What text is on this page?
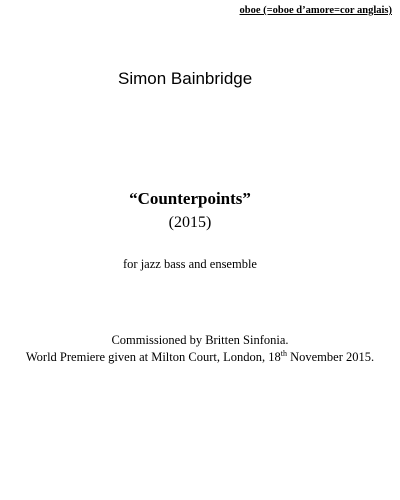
oboe (=oboe d’amore=cor anglais)
Simon Bainbridge
“Counterpoints”
(2015)
for jazz bass and ensemble
Commissioned by Britten Sinfonia.
World Premiere given at Milton Court, London, 18th November 2015.
